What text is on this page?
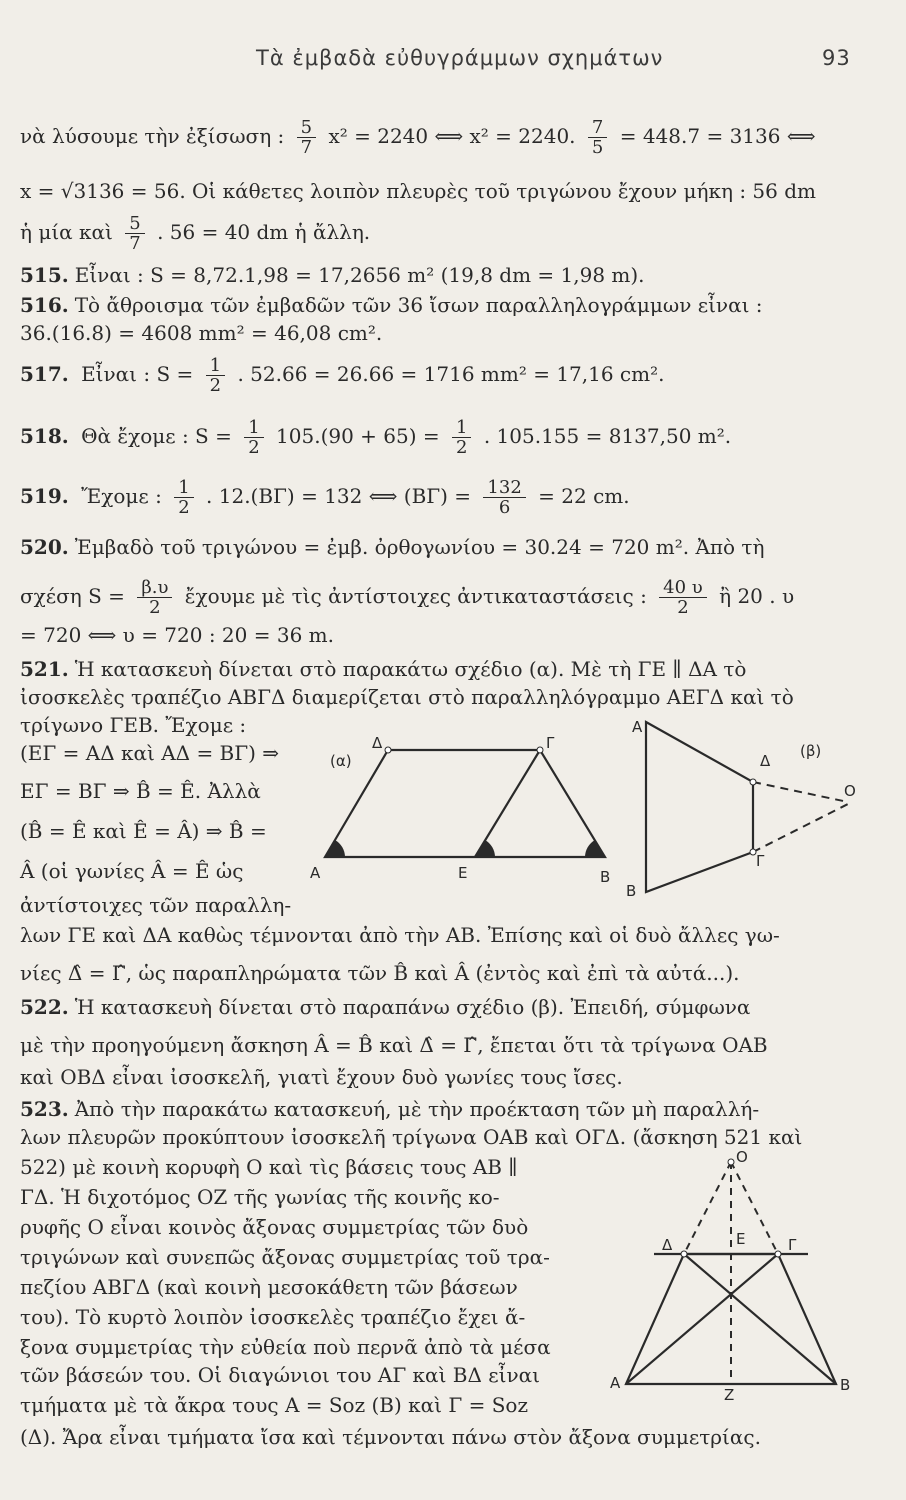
Τὰ ἐμβαδὰ εὐθυγράμμων σχημάτων	93
νὰ λύσουμε τὴν ἐξίσωση : $\frac{5}{7} x^2 = 2240$ ⟺ x² = 2240. $\frac{7}{5} = 448.7 = 3136$ ⟺
x = √3136 = 56. Οἱ κάθετες λοιπὸν πλευρὲς τοῦ τριγώνου ἔχουν μήκη : 56 dm
ἡ μία καὶ $\frac{5}{7}$ . 56 = 40 dm ἡ ἄλλη.
515. Εἶναι : S = 8,72.1,98 = 17,2656 m² (19,8 dm = 1,98 m).
516. Τὸ ἄθροισμα τῶν ἐμβαδῶν τῶν 36 ἴσων παραλληλογράμμων εἶναι :
36.(16.8) = 4608 mm² = 46,08 cm².
517. Εἶναι : $S = \frac{1}{2}$ . 52.66 = 26.66 = 1716 mm² = 17,16 cm².
518. Θὰ ἔχομε : $S = \frac{1}{2} 105.(90 + 65) = \frac{1}{2}$ . 105.155 = 8137,50 m².
519. Ἔχομε : $\frac{1}{2}$ . 12.(ΒΓ) = 132 ⟺ $(B\Gamma) = \frac{132}{6} = 22$ cm.
520. Ἐμβαδὸ τοῦ τριγώνου = ἐμβ. ὀρθογωνίου = 30.24 = 720 m². Ἀπὸ τὴ
σχέση $S = \frac{\beta.\upsilon}{2}$ ἔχουμε μὲ τὶς ἀντίστοιχες ἀντικαταστάσεις : $\frac{40 \upsilon}{2}$ ἢ 20 . υ
= 720 ⟺ υ = 720 : 20 = 36 m.
521. Ἡ κατασκευὴ δίνεται στὸ παρακάτω σχέδιο (α). Μὲ τὴ ΓΕ ∥ ΔΑ τὸ
ἰσοσκελὲς τραπέζιο ΑΒΓΔ διαμερίζεται στὸ παραλληλόγραμμο ΑΕΓΔ καὶ τὸ
τρίγωνο ΓΕΒ. Ἔχομε :
(ΕΓ = ΑΔ καὶ ΑΔ = ΒΓ) ⇒
ΕΓ = ΒΓ ⇒ B̂ = Ê. Ἀλλὰ
(B̂ = Ê καὶ Ê = Â) ⇒ B̂ =
Â (οἱ γωνίες Â = Ê ὡς
ἀντίστοιχες τῶν παραλλη-
λων ΓΕ καὶ ΔΑ καθὼς τέμνονται ἀπὸ τὴν ΑΒ. Ἐπίσης καὶ οἱ δυὸ ἄλλες γω-
νίες Δ̂ = Γ̂, ὡς παραπληρώματα τῶν B̂ καὶ Â (ἐντὸς καὶ ἐπὶ τὰ αὐτά...).
(α)
Δ	Γ
Α	Ε	Β
Α
Δ
Γ
Β
Ο
(β)
522. Ἡ κατασκευὴ δίνεται στὸ παραπάνω σχέδιο (β). Ἐπειδή, σύμφωνα
μὲ τὴν προηγούμενη ἄσκηση Â = B̂ καὶ Δ̂ = Γ̂, ἔπεται ὅτι τὰ τρίγωνα ΟΑΒ
καὶ ΟΒΔ εἶναι ἰσοσκελῆ, γιατὶ ἔχουν δυὸ γωνίες τους ἴσες.
523. Ἀπὸ τὴν παρακάτω κατασκευή, μὲ τὴν προέκταση τῶν μὴ παραλλή-
λων πλευρῶν προκύπτουν ἰσοσκελῆ τρίγωνα ΟΑΒ καὶ ΟΓΔ. (ἄσκηση 521 καὶ
522) μὲ κοινὴ κορυφὴ Ο καὶ τὶς βάσεις τους ΑΒ ∥
ΓΔ. Ἡ διχοτόμος ΟΖ τῆς γωνίας τῆς κοινῆς κο-
ρυφῆς Ο εἶναι κοινὸς ἄξονας συμμετρίας τῶν δυὸ
τριγώνων καὶ συνεπῶς ἄξονας συμμετρίας τοῦ τρα-
πεζίου ΑΒΓΔ (καὶ κοινὴ μεσοκάθετη τῶν βάσεων
του). Τὸ κυρτὸ λοιπὸν ἰσοσκελὲς τραπέζιο ἔχει ἄ-
ξονα συμμετρίας τὴν εὐθεία ποὺ περνᾶ ἀπὸ τὰ μέσα
τῶν βάσεών του. Οἱ διαγώνιοι του ΑΓ καὶ ΒΔ εἶναι
τμήματα μὲ τὰ ἄκρα τους Α = Soz (Β) καὶ Γ = Soz
(Δ). Ἄρα εἶναι τμήματα ἴσα καὶ τέμνονται πάνω στὸν ἄξονα συμμετρίας.
Ο
Δ	Ε	Γ
Α
Ζ
Β
